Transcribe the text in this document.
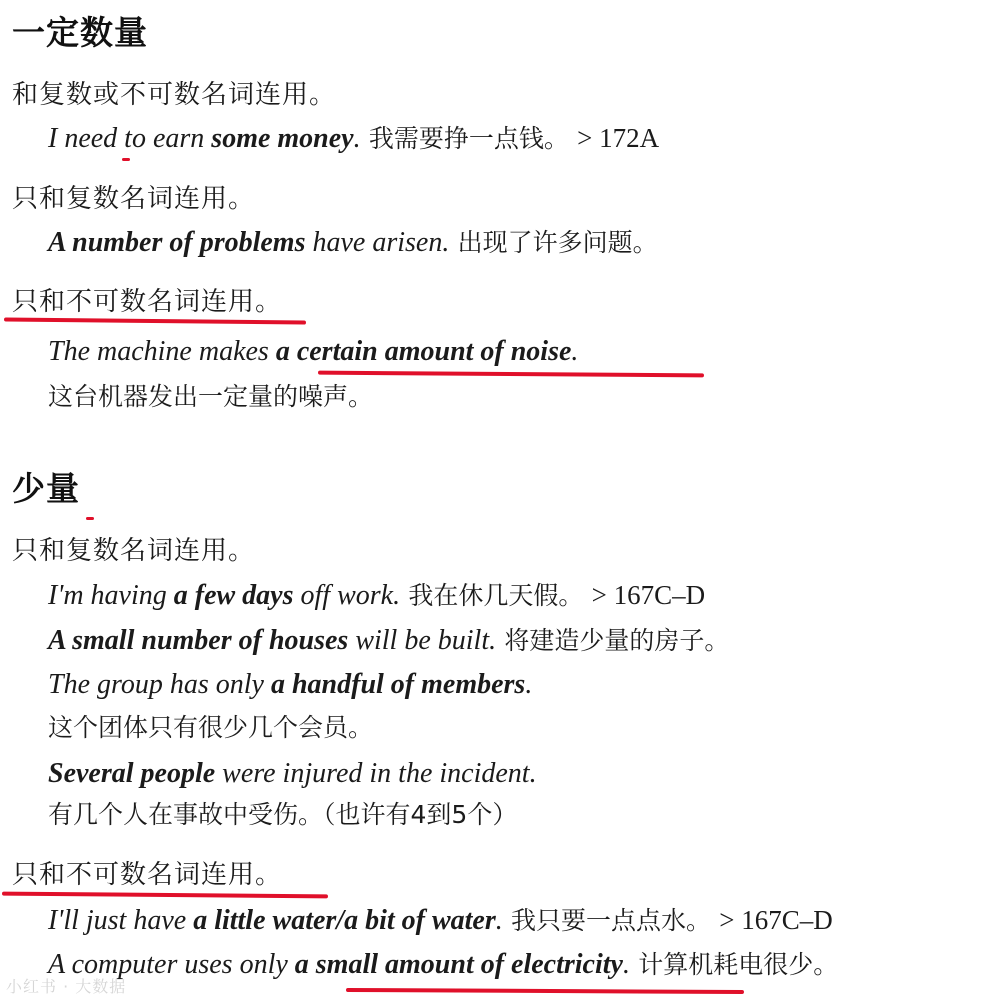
一定数量
和复数或不可数名词连用。
I need to earn some money. 我需要挣一点钱。 > 172A
只和复数名词连用。
A number of problems have arisen. 出现了许多问题。
只和不可数名词连用。
The machine makes a certain amount of noise.
这台机器发出一定量的噪声。
少量
只和复数名词连用。
I'm having a few days off work. 我在休几天假。 > 167C–D
A small number of houses will be built. 将建造少量的房子。
The group has only a handful of members.
这个团体只有很少几个会员。
Several people were injured in the incident.
有几个人在事故中受伤。（也许有4到5个）
只和不可数名词连用。
I'll just have a little water/a bit of water. 我只要一点点水。 > 167C–D
A computer uses only a small amount of electricity. 计算机耗电很少。
小红书 · 大数据
